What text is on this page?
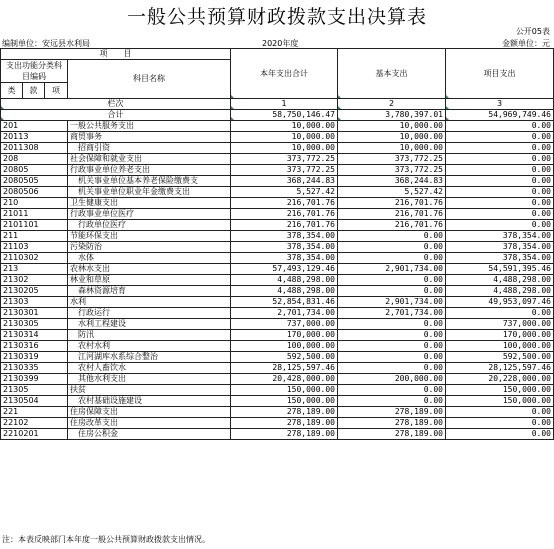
一般公共预算财政拨款支出决算表
公开05表
编制单位：安远县水利局	2020年度	金额单位：元
项　　目				本年支出合计	基本支出	项目支出
支出功能分类科目编码			科目名称			

类	款	项				
栏次				1	2	3
合计				58,750,146.47	3,780,397.01	54,969,749.46
201			一般公共服务支出	10,000.00	10,000.00	0.00
20113			商贸事务	10,000.00	10,000.00	0.00
2011308			　招商引资	10,000.00	10,000.00	0.00
208			社会保障和就业支出	373,772.25	373,772.25	0.00
20805			行政事业单位养老支出	373,772.25	373,772.25	0.00
2080505			　机关事业单位基本养老保险缴费支	368,244.83	368,244.83	0.00
2080506			　机关事业单位职业年金缴费支出	5,527.42	5,527.42	0.00
210			卫生健康支出	216,701.76	216,701.76	0.00
21011			行政事业单位医疗	216,701.76	216,701.76	0.00
2101101			　行政单位医疗	216,701.76	216,701.76	0.00
211			节能环保支出	378,354.00	0.00	378,354.00
21103			污染防治	378,354.00	0.00	378,354.00
2110302			　水体	378,354.00	0.00	378,354.00
213			农林水支出	57,493,129.46	2,901,734.00	54,591,395.46
21302			林业和草原	4,488,298.00	0.00	4,488,298.00
2130205			　森林资源培育	4,488,298.00	0.00	4,488,298.00
21303			水利	52,854,831.46	2,901,734.00	49,953,097.46
2130301			　行政运行	2,701,734.00	2,701,734.00	0.00
2130305			　水利工程建设	737,000.00	0.00	737,000.00
2130314			　防汛	170,000.00	0.00	170,000.00
2130316			　农村水利	100,000.00	0.00	100,000.00
2130319			　江河湖库水系综合整治	592,500.00	0.00	592,500.00
2130335			　农村人畜饮水	28,125,597.46	0.00	28,125,597.46
2130399			　其他水利支出	20,428,000.00	200,000.00	20,228,000.00
21305			扶贫	150,000.00	0.00	150,000.00
2130504			　农村基础设施建设	150,000.00	0.00	150,000.00
221			住房保障支出	278,189.00	278,189.00	0.00
22102			住房改革支出	278,189.00	278,189.00	0.00
2210201			　住房公积金	278,189.00	278,189.00	0.00
注：本表反映部门本年度一般公共预算财政拨款支出情况。
